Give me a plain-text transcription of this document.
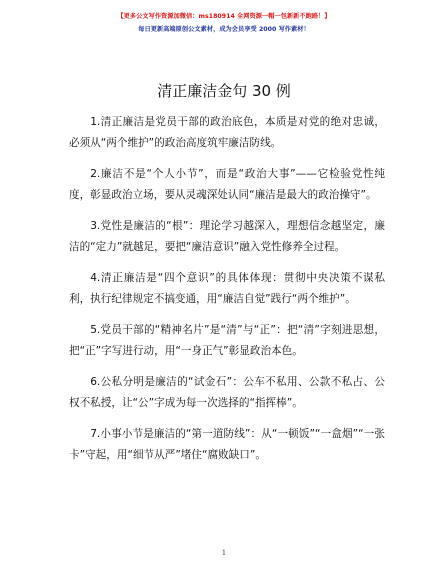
【更多公文写作资源加微信：ms180914 全网资源一帽一包新新不跑路！】
每日更新高端原创公文素材，成为会员享受 2000 写作素材！
清正廉洁金句 30 例

1.清正廉洁是党员干部的政治底色，本质是对党的绝对忠诚，必须从“两个维护”的政治高度筑牢廉洁防线。

2.廉洁不是“个人小节”，而是“政治大事”——它检验党性纯度，彰显政治立场，要从灵魂深处认同“廉洁是最大的政治操守”。

3.党性是廉洁的“根”：理论学习越深入，理想信念越坚定，廉洁的“定力”就越足，要把“廉洁意识”融入党性修养全过程。

4.清正廉洁是“四个意识”的具体体现：贯彻中央决策不谋私利，执行纪律规定不搞变通，用“廉洁自觉”践行“两个维护”。

5.党员干部的“精神名片”是“清”与“正”：把“清”字刻进思想，把“正”字写进行动，用“一身正气”彰显政治本色。

6.公私分明是廉洁的“试金石”：公车不私用、公款不私占、公权不私授，让“公”字成为每一次选择的“指挥棒”。

7.小事小节是廉洁的“第一道防线”：从“一顿饭”“一盒烟”“一张卡”守起，用“细节从严”堵住“腐败缺口”。

1
